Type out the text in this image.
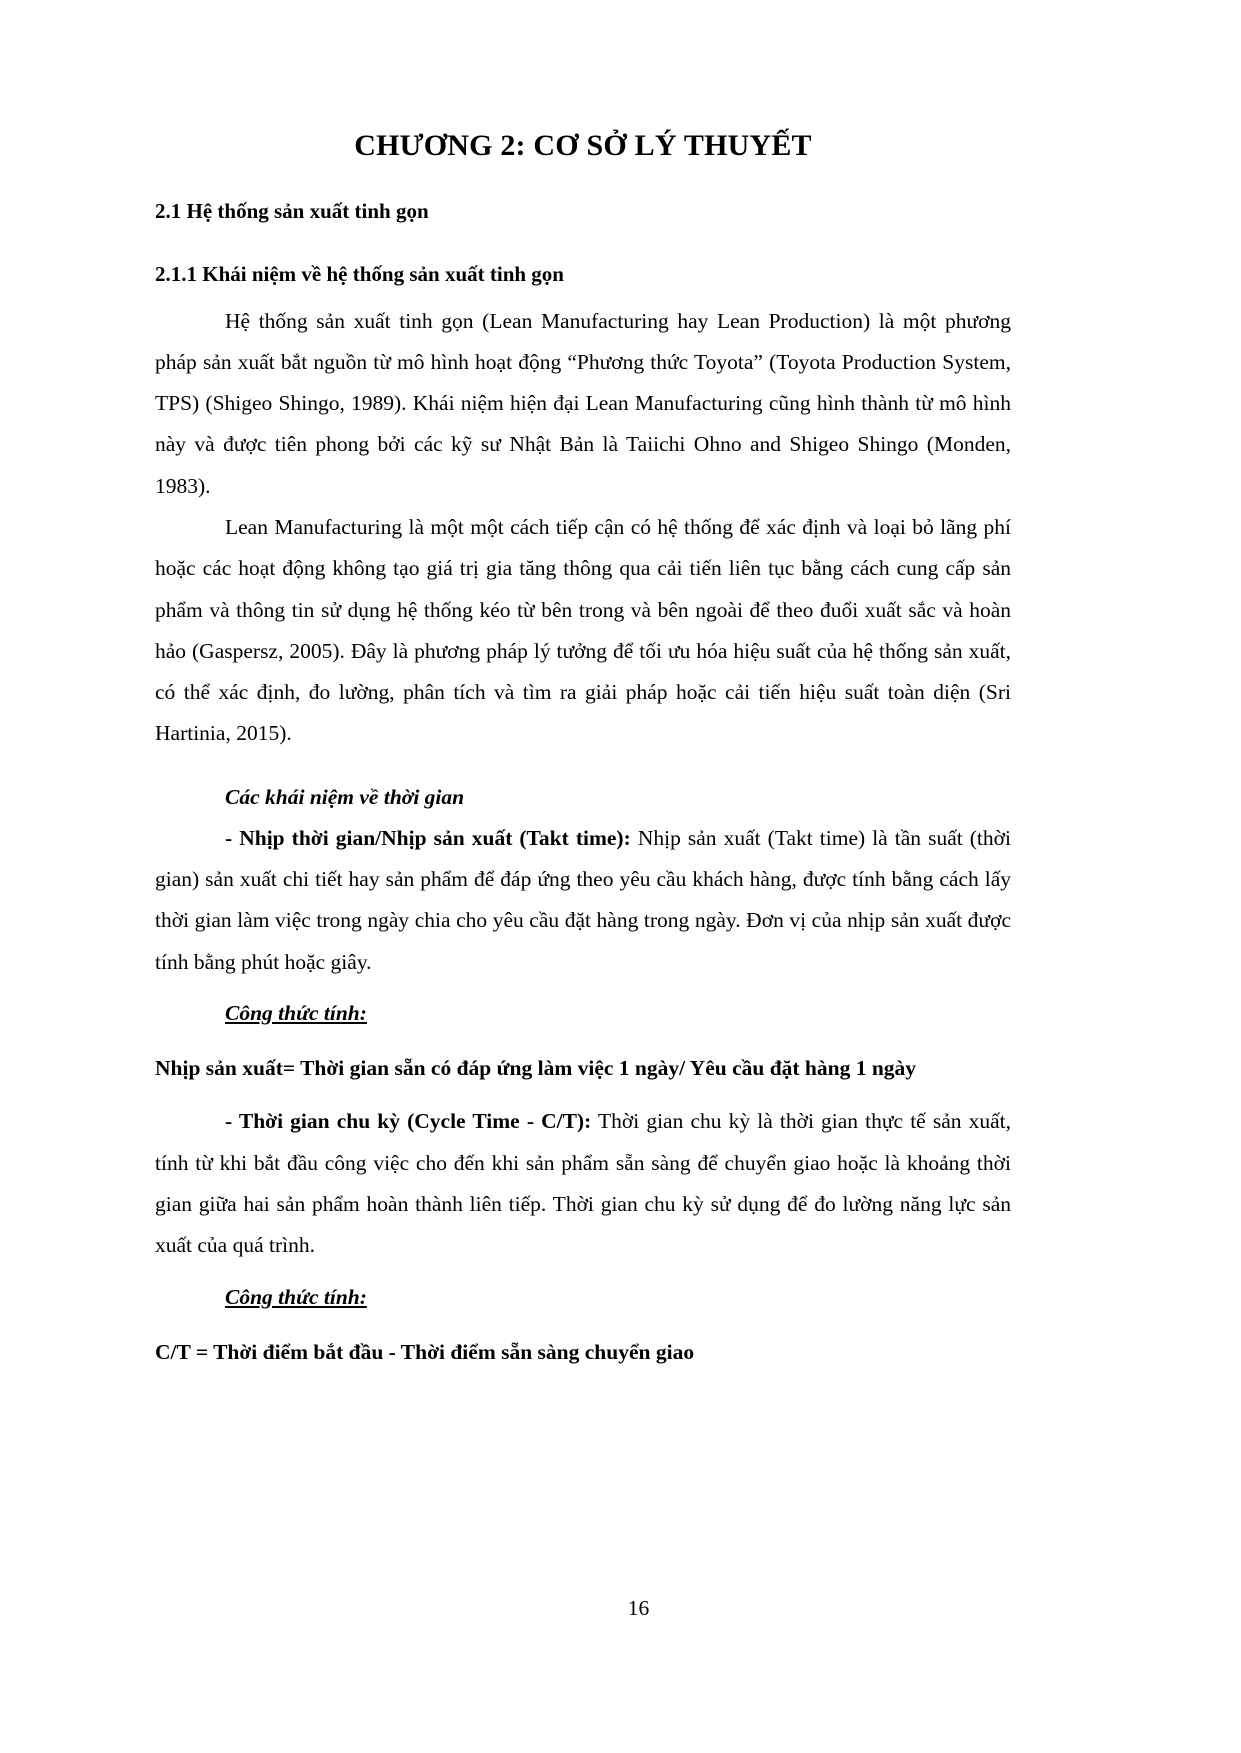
CHƯƠNG 2: CƠ SỞ LÝ THUYẾT
2.1 Hệ thống sản xuất tinh gọn
2.1.1 Khái niệm về hệ thống sản xuất tinh gọn

Hệ thống sản xuất tinh gọn (Lean Manufacturing hay Lean Production) là một phương pháp sản xuất bắt nguồn từ mô hình hoạt động “Phương thức Toyota” (Toyota Production System, TPS) (Shigeo Shingo, 1989). Khái niệm hiện đại Lean Manufacturing cũng hình thành từ mô hình này và được tiên phong bởi các kỹ sư Nhật Bản là Taiichi Ohno and Shigeo Shingo (Monden, 1983).

Lean Manufacturing là một một cách tiếp cận có hệ thống để xác định và loại bỏ lãng phí hoặc các hoạt động không tạo giá trị gia tăng thông qua cải tiến liên tục bằng cách cung cấp sản phẩm và thông tin sử dụng hệ thống kéo từ bên trong và bên ngoài để theo đuổi xuất sắc và hoàn hảo (Gaspersz, 2005). Đây là phương pháp lý tưởng để tối ưu hóa hiệu suất của hệ thống sản xuất, có thể xác định, đo lường, phân tích và tìm ra giải pháp hoặc cải tiến hiệu suất toàn diện (Sri Hartinia, 2015).

Các khái niệm về thời gian

- Nhịp thời gian/Nhịp sản xuất (Takt time): Nhịp sản xuất (Takt time) là tần suất (thời gian) sản xuất chi tiết hay sản phẩm để đáp ứng theo yêu cầu khách hàng, được tính bằng cách lấy thời gian làm việc trong ngày chia cho yêu cầu đặt hàng trong ngày. Đơn vị của nhịp sản xuất được tính bằng phút hoặc giây.

Công thức tính:

Nhịp sản xuất= Thời gian sẵn có đáp ứng làm việc 1 ngày/ Yêu cầu đặt hàng 1 ngày

- Thời gian chu kỳ (Cycle Time - C/T): Thời gian chu kỳ là thời gian thực tế sản xuất, tính từ khi bắt đầu công việc cho đến khi sản phẩm sẵn sàng để chuyển giao hoặc là khoảng thời gian giữa hai sản phẩm hoàn thành liên tiếp. Thời gian chu kỳ sử dụng để đo lường năng lực sản xuất của quá trình.

Công thức tính:

C/T = Thời điểm bắt đầu - Thời điểm sẵn sàng chuyển giao

16
